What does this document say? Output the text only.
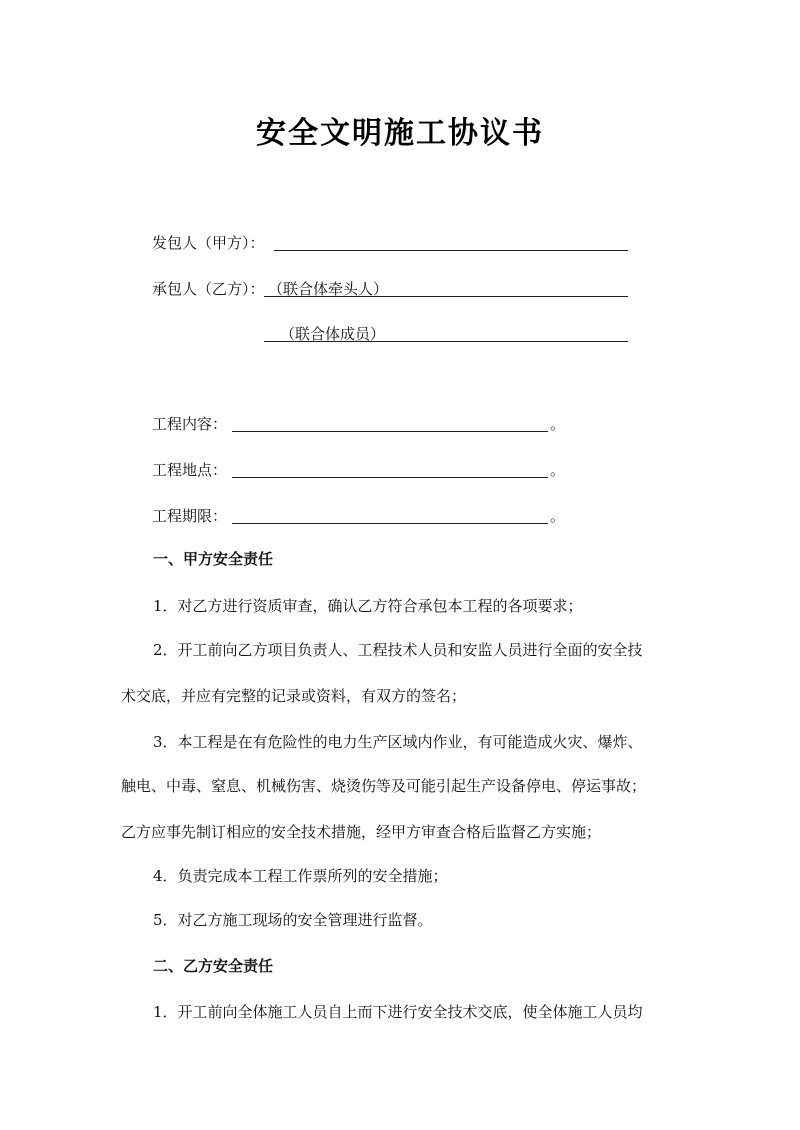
安全文明施工协议书
发包人（甲方）：
承包人（乙方）： （联合体牵头人）
（联合体成员）
工程内容：	。
工程地点：	。
工程期限：	。
一、甲方安全责任
1．对乙方进行资质审查，确认乙方符合承包本工程的各项要求；
2．开工前向乙方项目负责人、工程技术人员和安监人员进行全面的安全技
术交底，并应有完整的记录或资料，有双方的签名；
3．本工程是在有危险性的电力生产区域内作业，有可能造成火灾、爆炸、
触电、中毒、窒息、机械伤害、烧烫伤等及可能引起生产设备停电、停运事故；
乙方应事先制订相应的安全技术措施，经甲方审查合格后监督乙方实施；
4．负责完成本工程工作票所列的安全措施；
5．对乙方施工现场的安全管理进行监督。
二、乙方安全责任
1．开工前向全体施工人员自上而下进行安全技术交底，使全体施工人员均
